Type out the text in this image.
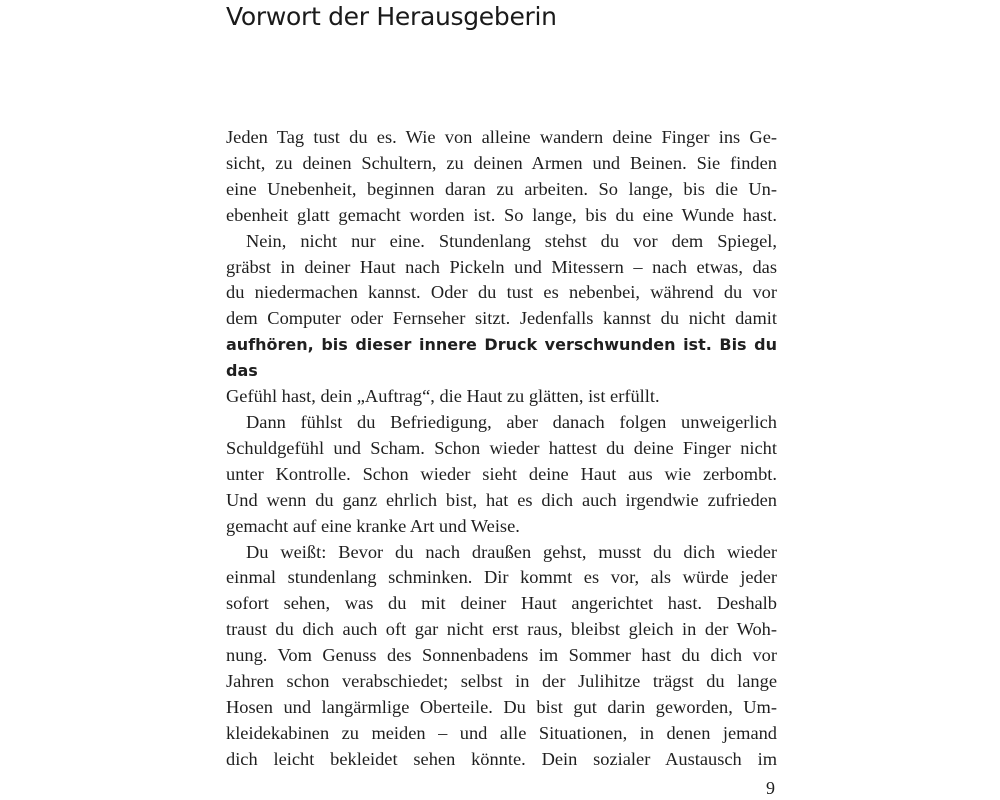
Vorwort der Herausgeberin

Jeden Tag tust du es. Wie von alleine wandern deine Finger ins Ge-
sicht, zu deinen Schultern, zu deinen Armen und Beinen. Sie finden
eine Unebenheit, beginnen daran zu arbeiten. So lange, bis die Un-
ebenheit glatt gemacht worden ist. So lange, bis du eine Wunde hast.

Nein, nicht nur eine. Stundenlang stehst du vor dem Spiegel,
gräbst in deiner Haut nach Pickeln und Mitessern – nach etwas, das
du niedermachen kannst. Oder du tust es nebenbei, während du vor
dem Computer oder Fernseher sitzt. Jedenfalls kannst du nicht damit
aufhören, bis dieser innere Druck verschwunden ist. Bis du das
Gefühl hast, dein „Auftrag“, die Haut zu glätten, ist erfüllt.

Dann fühlst du Befriedigung, aber danach folgen unweigerlich
Schuldgefühl und Scham. Schon wieder hattest du deine Finger nicht
unter Kontrolle. Schon wieder sieht deine Haut aus wie zerbombt.
Und wenn du ganz ehrlich bist, hat es dich auch irgendwie zufrieden
gemacht auf eine kranke Art und Weise.

Du weißt: Bevor du nach draußen gehst, musst du dich wieder
einmal stundenlang schminken. Dir kommt es vor, als würde jeder
sofort sehen, was du mit deiner Haut angerichtet hast. Deshalb
traust du dich auch oft gar nicht erst raus, bleibst gleich in der Woh-
nung. Vom Genuss des Sonnenbadens im Sommer hast du dich vor
Jahren schon verabschiedet; selbst in der Julihitze trägst du lange
Hosen und langärmlige Oberteile. Du bist gut darin geworden, Um-
kleidekabinen zu meiden – und alle Situationen, in denen jemand
dich leicht bekleidet sehen könnte. Dein sozialer Austausch im

9
